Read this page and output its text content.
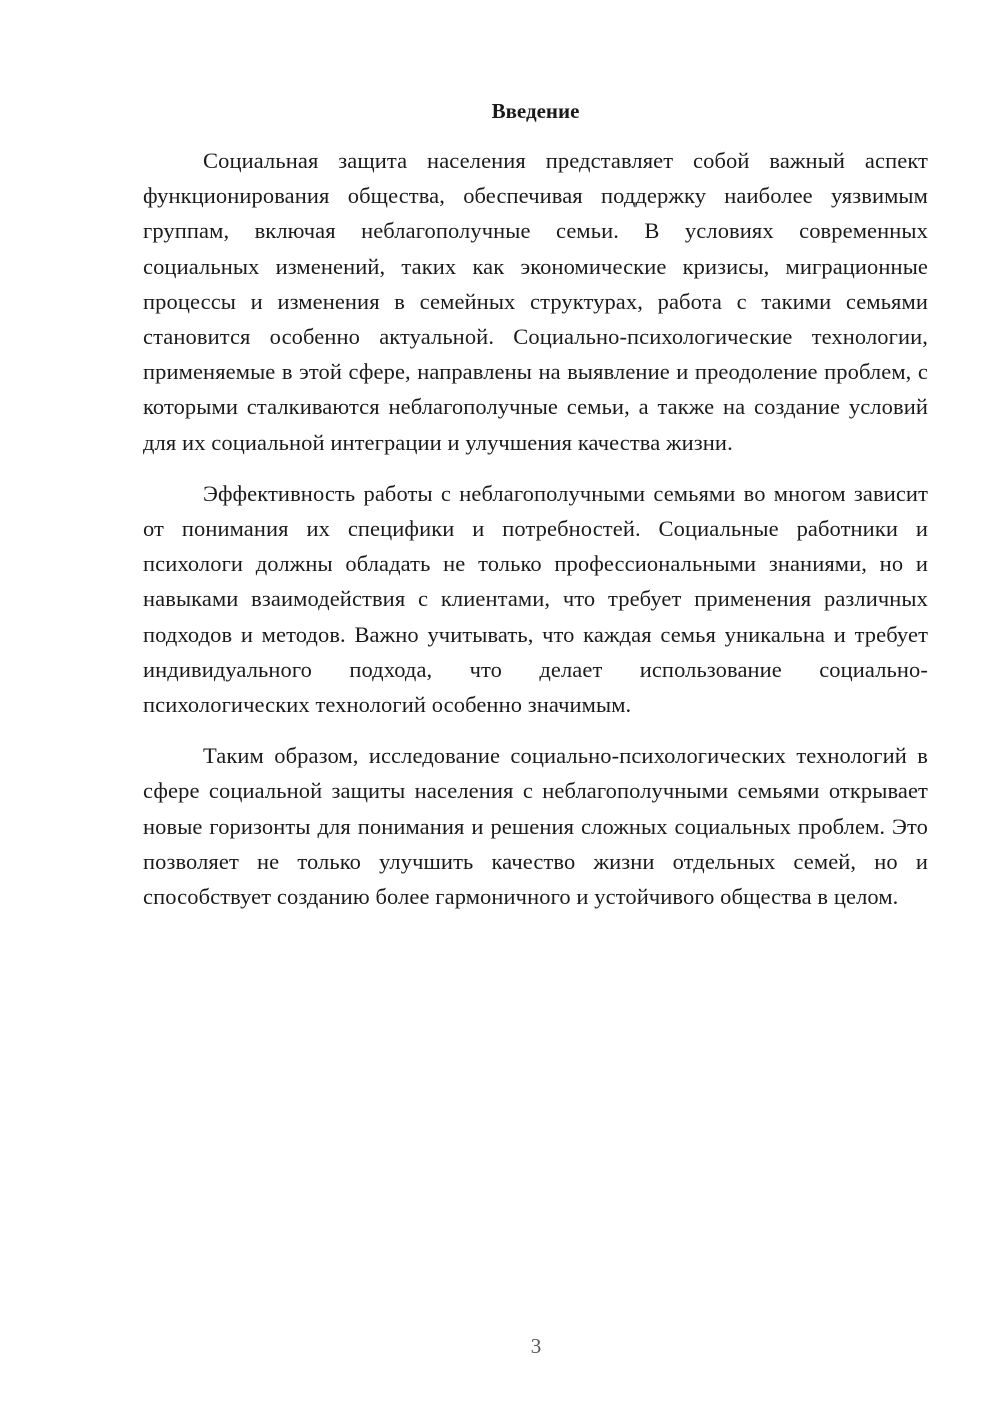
Введение

Социальная защита населения представляет собой важный аспект функционирования общества, обеспечивая поддержку наиболее уязвимым группам, включая неблагополучные семьи. В условиях современных социальных изменений, таких как экономические кризисы, миграционные процессы и изменения в семейных структурах, работа с такими семьями становится особенно актуальной. Социально-психологические технологии, применяемые в этой сфере, направлены на выявление и преодоление проблем, с которыми сталкиваются неблагополучные семьи, а также на создание условий для их социальной интеграции и улучшения качества жизни.

Эффективность работы с неблагополучными семьями во многом зависит от понимания их специфики и потребностей. Социальные работники и психологи должны обладать не только профессиональными знаниями, но и навыками взаимодействия с клиентами, что требует применения различных подходов и методов. Важно учитывать, что каждая семья уникальна и требует индивидуального подхода, что делает использование социально-психологических технологий особенно значимым.

Таким образом, исследование социально-психологических технологий в сфере социальной защиты населения с неблагополучными семьями открывает новые горизонты для понимания и решения сложных социальных проблем. Это позволяет не только улучшить качество жизни отдельных семей, но и способствует созданию более гармоничного и устойчивого общества в целом.

3
